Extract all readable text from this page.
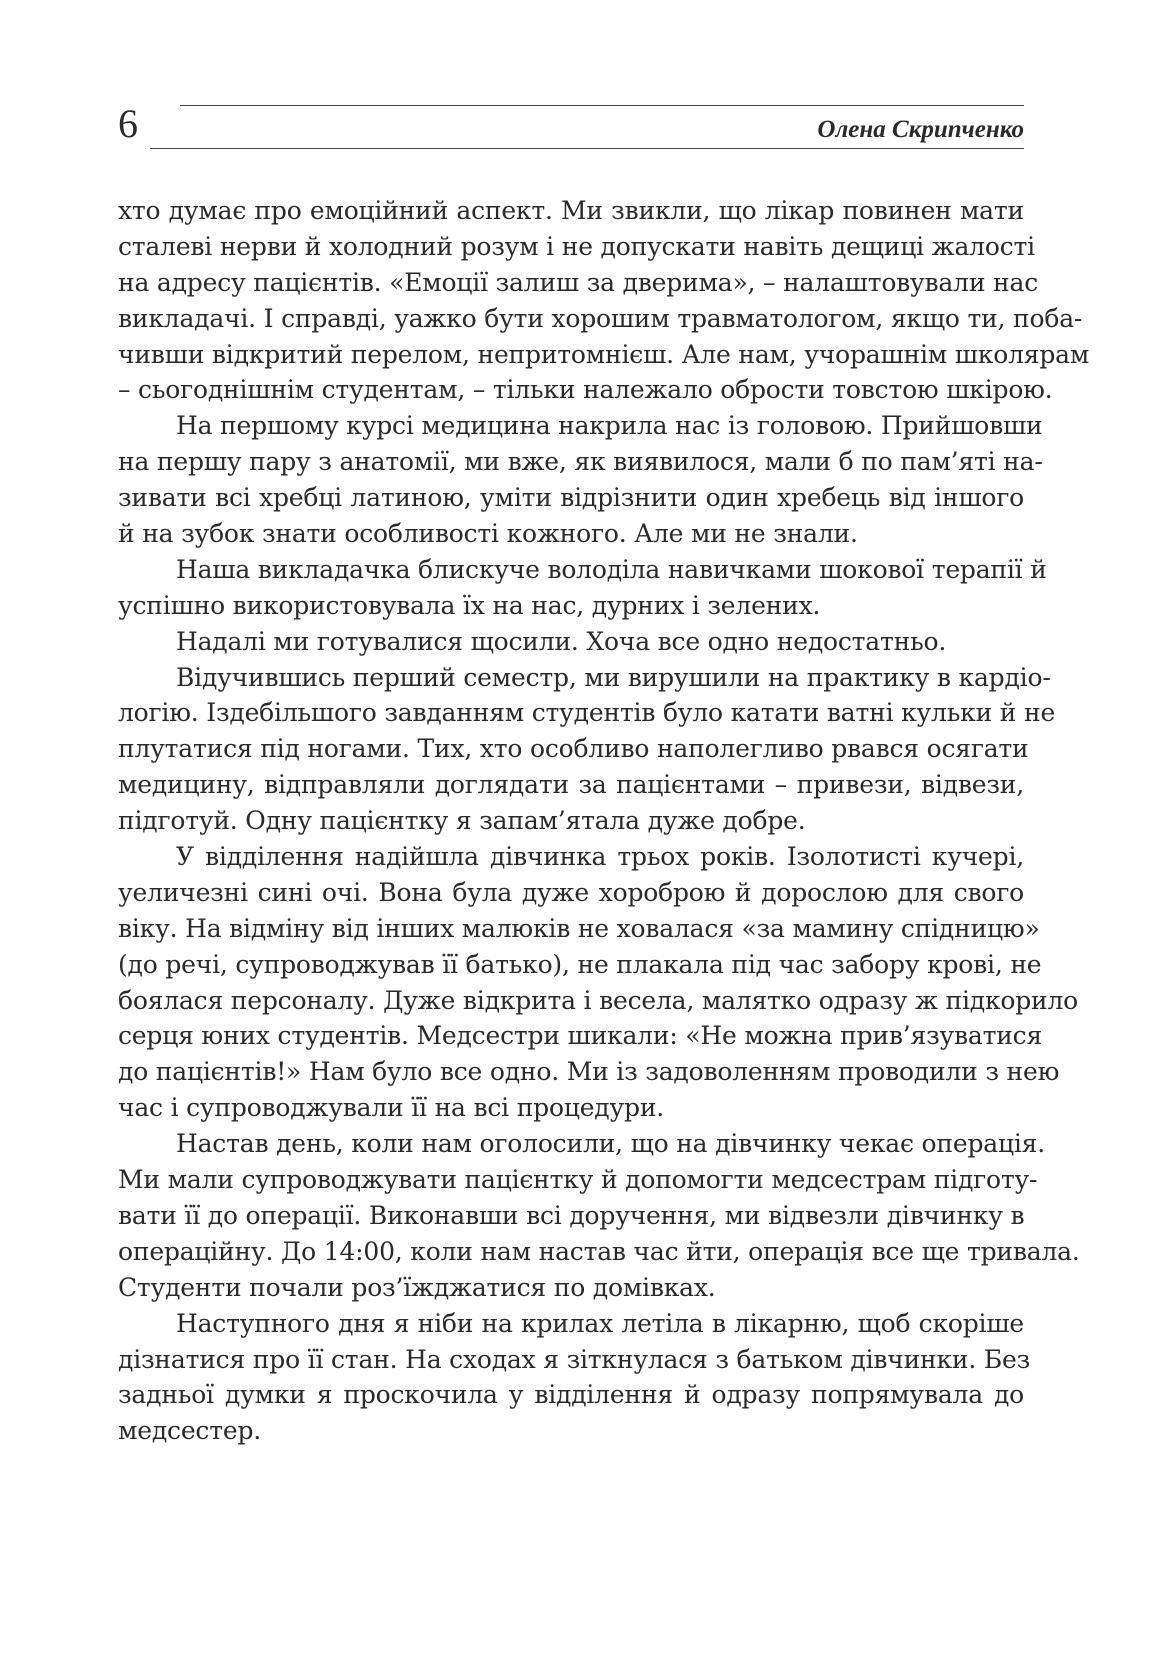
6	Олена Скрипченко
хто думає про емоційний аспект. Ми звикли, що лікар повинен мати
сталеві нерви й холодний розум і не допускати навіть дещиці жалості
на адресу пацієнтів. «Емоції залиш за дверима», – налаштовували нас
викладачі. І справді, уажко бути хорошим травматологом, якщо ти, поба-
чивши відкритий перелом, непритомнієш. Але нам, учорашнім школярам
– сьогоднішнім студентам, – тільки належало обрости товстою шкірою.
На першому курсі медицина накрила нас із головою. Прийшовши
на першу пару з анатомії, ми вже, як виявилося, мали б по пам’яті на-
зивати всі хребці латиною, уміти відрізнити один хребець від іншого
й на зубок знати особливості кожного. Але ми не знали.
Наша викладачка блискуче володіла навичками шокової терапії й
успішно використовувала їх на нас, дурних і зелених.
Надалі ми готувалися щосили. Хоча все одно недостатньо.
Відучившись перший семестр, ми вирушили на практику в кардіо-
логію. Іздебільшого завданням студентів було катати ватні кульки й не
плутатися під ногами. Тих, хто особливо наполегливо рвався осягати
медицину, відправляли доглядати за пацієнтами – привези, відвези,
підготуй. Одну пацієнтку я запам’ятала дуже добре.
У відділення надійшла дівчинка трьох років. Ізолотисті кучері,
уеличезні сині очі. Вона була дуже хороброю й дорослою для свого
віку. На відміну від інших малюків не ховалася «за мамину спідницю»
(до речі, супроводжував її батько), не плакала під час забору крові, не
боялася персоналу. Дуже відкрита і весела, малятко одразу ж підкорило
серця юних студентів. Медсестри шикали: «Не можна прив’язуватися
до пацієнтів!» Нам було все одно. Ми із задоволенням проводили з нею
час і супроводжували її на всі процедури.
Настав день, коли нам оголосили, що на дівчинку чекає операція.
Ми мали супроводжувати пацієнтку й допомогти медсестрам підготу-
вати її до операції. Виконавши всі доручення, ми відвезли дівчинку в
операційну. До 14:00, коли нам настав час йти, операція все ще тривала.
Студенти почали роз’їжджатися по домівках.
Наступного дня я ніби на крилах летіла в лікарню, щоб скоріше
дізнатися про її стан. На сходах я зіткнулася з батьком дівчинки. Без
задньої думки я проскочила у відділення й одразу попрямувала до
медсестер.
